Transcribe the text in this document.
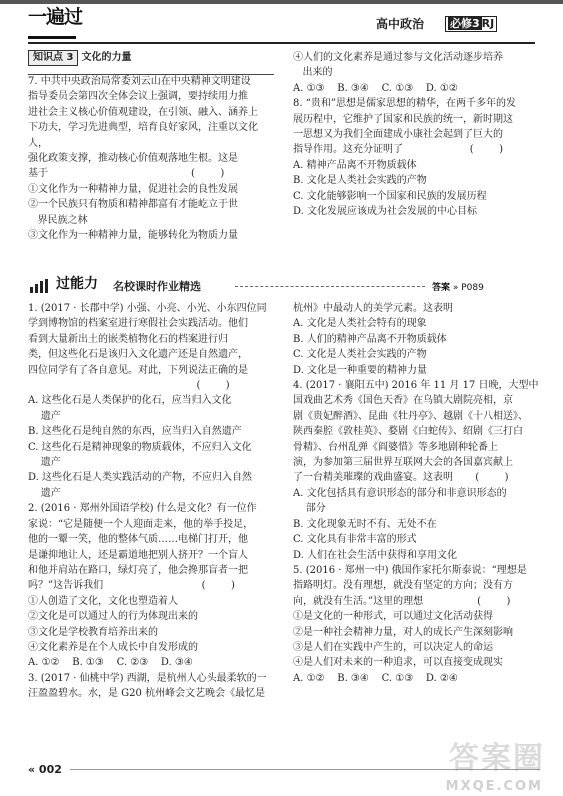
一遍过	高中政治	必修3 RJ
知识点 3 文化的力量

7. 中共中央政治局常委刘云山在中央精神文明建设

指导委员会第四次全体会议上强调，要持续用力推

进社会主义核心价值观建设，在引领、融入、涵养上

下功夫，学习先进典型，培育良好家风，注重以文化人，

强化政策支撑，推动核心价值观落地生根。这是

基于                                             (        )

①文化作为一种精神力量，促进社会的良性发展

②一个民族只有物质和精神都富有才能屹立于世

界民族之林

③文化作为一种精神力量，能够转化为物质力量

④人们的文化素养是通过参与文化活动逐步培养

出来的

A. ①③    B. ③④    C. ①③    D. ①②

8. “贵和”思想是儒家思想的精华，在两千多年的发

展历程中，它维护了国家和民族的统一，新时期这

一思想又为我们全面建成小康社会起到了巨大的

指导作用。这充分证明了                     (        )

A. 精神产品离不开物质载体

B. 文化是人类社会实践的产物

C. 文化能够影响一个国家和民族的发展历程

D. 文化发展应该成为社会发展的中心目标

过能力 名校课时作业精选	答案 » P089

1. (2017 · 长郡中学) 小强、小亮、小光、小东四位同

学到博物馆的档案室进行寒假社会实践活动。他们

看到大量新出土的嵌类植物化石的档案进行归

类，但这些化石是该归入文化遗产还是自然遗产，

四位同学有了各自意见。对此，下列说法正确的是

(        )

A. 这些化石是人类保护的化石，应当归入文化

遗产

B. 这些化石是纯自然的东西，应当归入自然遗产

C. 这些化石是精神现象的物质载体，不应归入文化

遗产

D. 这些化石是人类实践活动的产物，不应归入自然

遗产

2. (2016 · 郑州外国语学校) 什么是文化？有一位作

家说：“它是随便一个人迎面走来，他的举手投足，

他的一颦一笑，他的整体气质……电梯门打开，他

是谦抑地让人，还是霸道地把别人挤开？一个盲人

和他并肩站在路口，绿灯亮了，他会搀那盲者一把

吗？”这告诉我们                               (        )

①人创造了文化，文化也塑造着人

②文化是可以通过人的行为体现出来的

③文化是学校教育培养出来的

④文化素养是在个人成长中自发形成的

A. ①②    B. ①③    C. ②③    D. ③④

3. (2017 · 仙桃中学) 西湖，是杭州人心头最柔软的一

汪盈盈碧水。水，是 G20 杭州峰会文艺晚会《最忆是

杭州》中最动人的美学元素。这表明

A. 文化是人类社会特有的现象

B. 人们的精神产品离不开物质载体

C. 文化是人类社会实践的产物

D. 文化是一种重要的精神力量

4. (2017 · 襄阳五中) 2016 年 11 月 17 日晚，大型中

国戏曲艺术秀《国色天香》在乌镇大剧院亮相，京

剧《贵妃醉酒》、昆曲《牡丹亭》、越剧《十八相送》、

陕西秦腔《敦桂英》、婺剧《白蛇传》、绍剧《三打白

骨精》、台州乱弹《阎婆惜》等多地剧种轮番上

演，为参加第三届世界互联网大会的各国嘉宾献上

了一台精美璀璨的戏曲盛宴。这表明       (        )

A. 文化包括具有意识形态的部分和非意识形态的

部分

B. 文化现象无时不有、无处不在

C. 文化具有非常丰富的形式

D. 人们在社会生活中获得和享用文化

5. (2016 · 郑州一中) 俄国作家托尔斯泰说：“理想是

指路明灯。没有理想，就没有坚定的方向；没有方

向，就没有生活。”这里的理想                 (        )

①是文化的一种形式，可以通过文化活动获得

②是一种社会精神力量，对人的成长产生深刻影响

③是人们在实践中产生的，可以决定人的命运

④是人们对未来的一种追求，可以直接变成现实

A. ①②    B. ③④    C. ①③    D. ②④

« 002	答案圈
MXQE.COM
